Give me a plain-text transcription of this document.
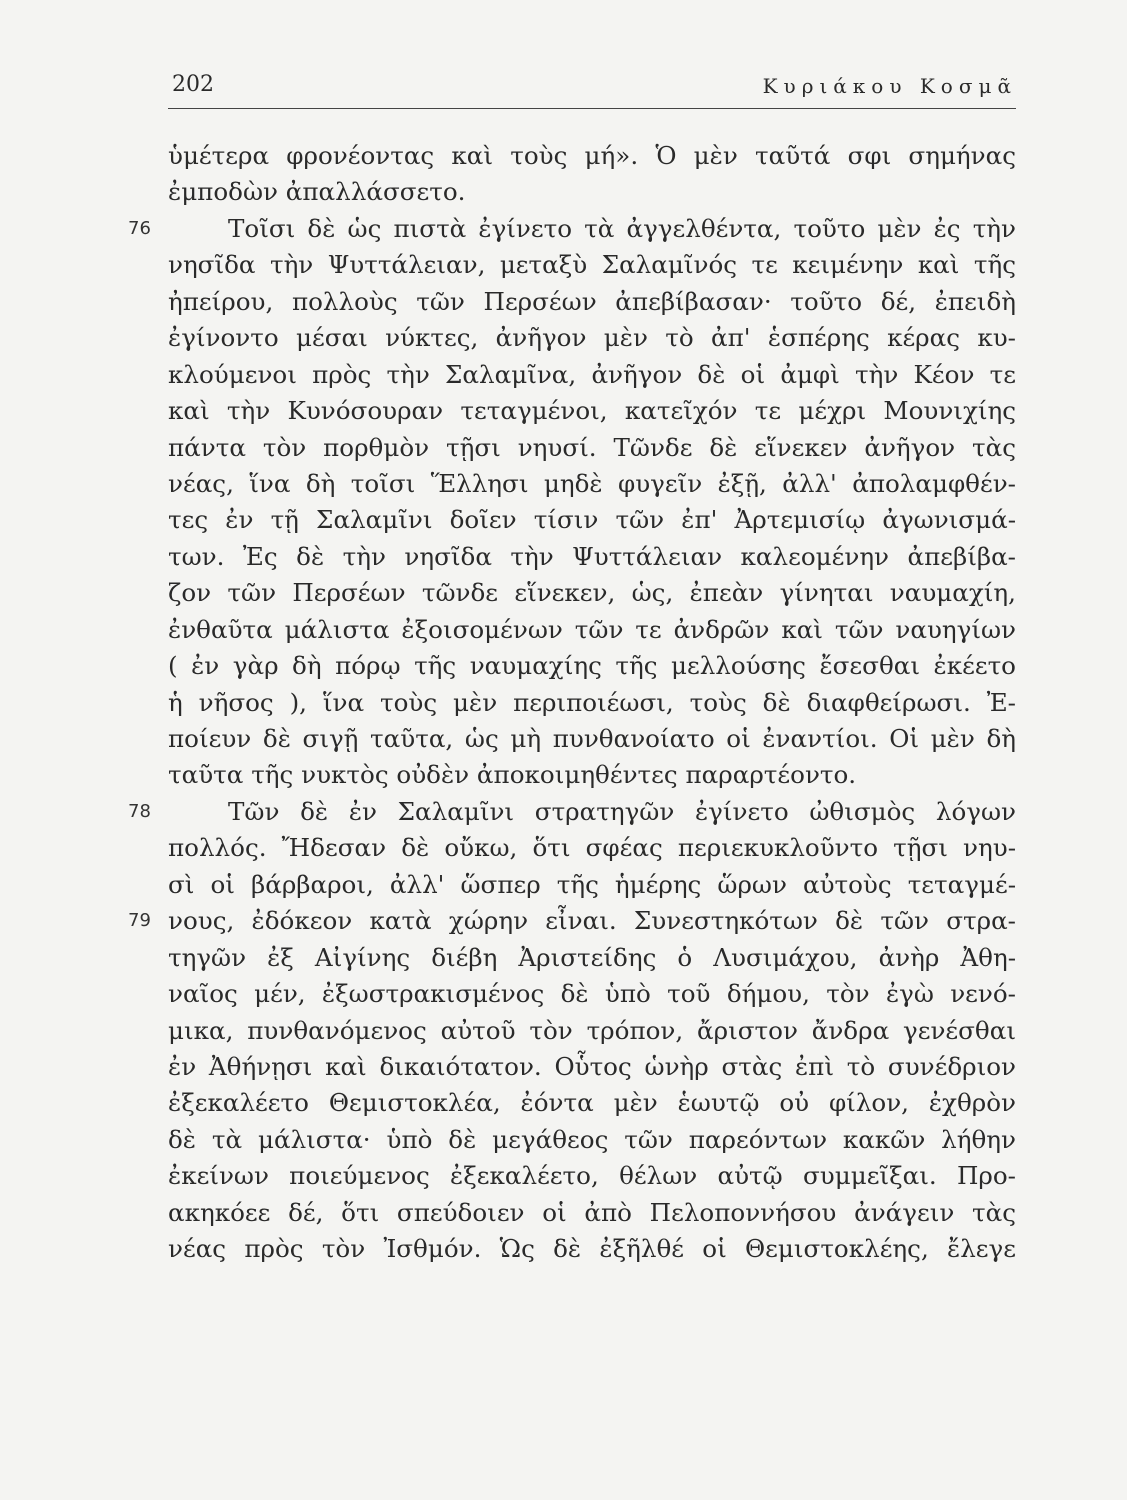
202	Κυριάκου Κοσμᾶ
ὑμέτερα φρονέοντας καὶ τοὺς μή». Ὁ μὲν ταῦτά σφι σημήνας
ἐμποδὼν ἀπαλλάσσετο.
76	Τοῖσι δὲ ὡς πιστὰ ἐγίνετο τὰ ἀγγελθέντα, τοῦτο μὲν ἐς τὴν
νησῖδα τὴν Ψυττάλειαν, μεταξὺ Σαλαμῖνός τε κειμένην καὶ τῆς
ἠπείρου, πολλοὺς τῶν Περσέων ἀπεβίβασαν· τοῦτο δέ, ἐπειδὴ
ἐγίνοντο μέσαι νύκτες, ἀνῆγον μὲν τὸ ἀπ' ἑσπέρης κέρας κυ-
κλούμενοι πρὸς τὴν Σαλαμῖνα, ἀνῆγον δὲ οἱ ἀμφὶ τὴν Κέον τε
καὶ τὴν Κυνόσουραν τεταγμένοι, κατεῖχόν τε μέχρι Μουνιχίης
πάντα τὸν πορθμὸν τῇσι νηυσί. Τῶνδε δὲ εἵνεκεν ἀνῆγον τὰς
νέας, ἵνα δὴ τοῖσι Ἕλλησι μηδὲ φυγεῖν ἐξῇ, ἀλλ' ἀπολαμφθέν-
τες ἐν τῇ Σαλαμῖνι δοῖεν τίσιν τῶν ἐπ' Ἀρτεμισίῳ ἀγωνισμά-
των. Ἐς δὲ τὴν νησῖδα τὴν Ψυττάλειαν καλεομένην ἀπεβίβα-
ζον τῶν Περσέων τῶνδε εἵνεκεν, ὡς, ἐπεὰν γίνηται ναυμαχίη,
ἐνθαῦτα μάλιστα ἐξοισομένων τῶν τε ἀνδρῶν καὶ τῶν ναυηγίων
( ἐν γὰρ δὴ πόρῳ τῆς ναυμαχίης τῆς μελλούσης ἔσεσθαι ἐκέετο
ἡ νῆσος ), ἵνα τοὺς μὲν περιποιέωσι, τοὺς δὲ διαφθείρωσι. Ἐ-
ποίευν δὲ σιγῇ ταῦτα, ὡς μὴ πυνθανοίατο οἱ ἐναντίοι. Οἱ μὲν δὴ
ταῦτα τῆς νυκτὸς οὐδὲν ἀποκοιμηθέντες παραρτέοντο.
78	Τῶν δὲ ἐν Σαλαμῖνι στρατηγῶν ἐγίνετο ὠθισμὸς λόγων
πολλός. Ἤδεσαν δὲ οὔκω, ὅτι σφέας περιεκυκλοῦντο τῇσι νηυ-
σὶ οἱ βάρβαροι, ἀλλ' ὥσπερ τῆς ἡμέρης ὥρων αὐτοὺς τεταγμέ-
79 νους, ἐδόκεον κατὰ χώρην εἶναι. Συνεστηκότων δὲ τῶν στρα-
τηγῶν ἐξ Αἰγίνης διέβη Ἀριστείδης ὁ Λυσιμάχου, ἀνὴρ Ἀθη-
ναῖος μέν, ἐξωστρακισμένος δὲ ὑπὸ τοῦ δήμου, τὸν ἐγὼ νενό-
μικα, πυνθανόμενος αὐτοῦ τὸν τρόπον, ἄριστον ἄνδρα γενέσθαι
ἐν Ἀθήνῃσι καὶ δικαιότατον. Οὗτος ὡνὴρ στὰς ἐπὶ τὸ συνέδριον
ἐξεκαλέετο Θεμιστοκλέα, ἐόντα μὲν ἑωυτῷ οὐ φίλον, ἐχθρὸν
δὲ τὰ μάλιστα· ὑπὸ δὲ μεγάθεος τῶν παρεόντων κακῶν λήθην
ἐκείνων ποιεύμενος ἐξεκαλέετο, θέλων αὐτῷ συμμεῖξαι. Προ-
ακηκόεε δέ, ὅτι σπεύδοιεν οἱ ἀπὸ Πελοποννήσου ἀνάγειν τὰς
νέας πρὸς τὸν Ἰσθμόν. Ὡς δὲ ἐξῆλθέ οἱ Θεμιστοκλέης, ἔλεγε
